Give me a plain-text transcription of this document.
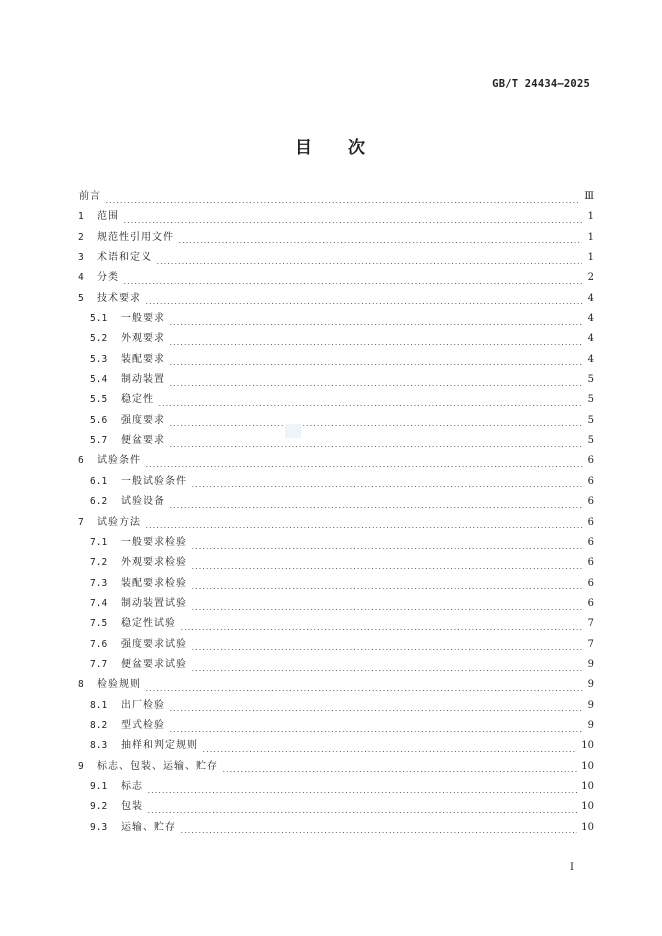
GB/T 24434—2025
目 次
前言	Ⅲ
1	范围	1
2	规范性引用文件	1
3	术语和定义	1
4	分类	2
5	技术要求	4
5.1	一般要求	4
5.2	外观要求	4
5.3	装配要求	4
5.4	制动装置	5
5.5	稳定性	5
5.6	强度要求	5
5.7	便盆要求	5
6	试验条件	6
6.1	一般试验条件	6
6.2	试验设备	6
7	试验方法	6
7.1	一般要求检验	6
7.2	外观要求检验	6
7.3	装配要求检验	6
7.4	制动装置试验	6
7.5	稳定性试验	7
7.6	强度要求试验	7
7.7	便盆要求试验	9
8	检验规则	9
8.1	出厂检验	9
8.2	型式检验	9
8.3	抽样和判定规则	10
9	标志、包装、运输、贮存	10
9.1	标志	10
9.2	包装	10
9.3	运输、贮存	10
I
